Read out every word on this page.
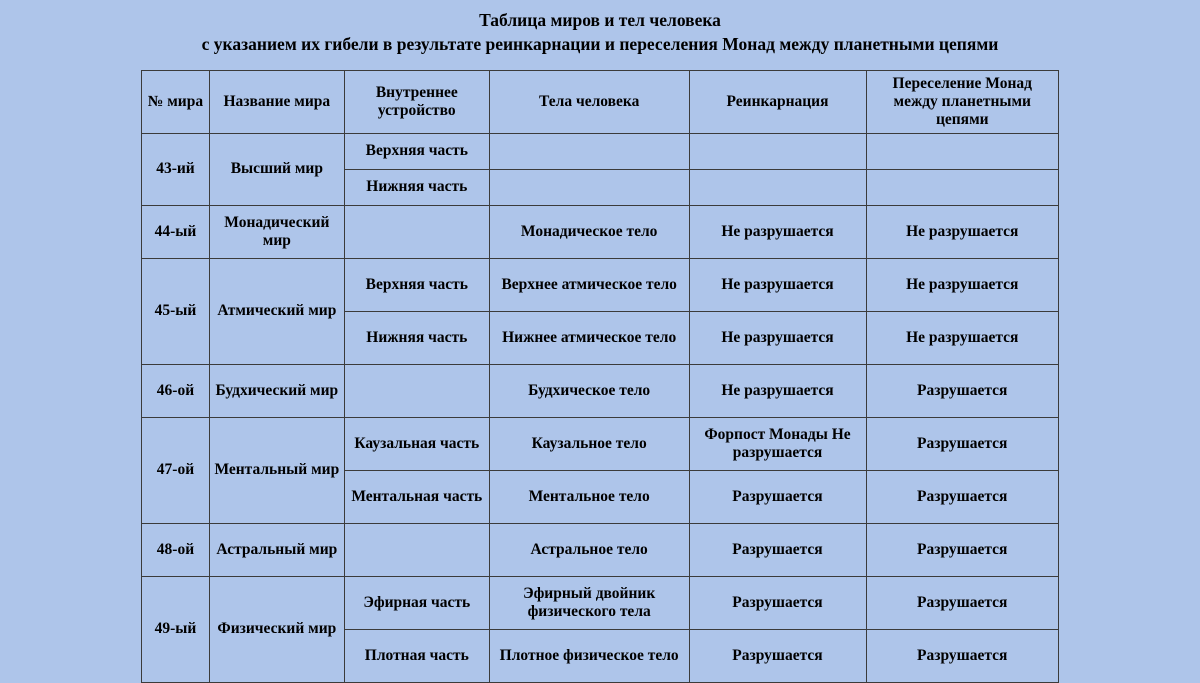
Таблица миров и тел человека
с указанием их гибели в результате реинкарнации и переселения Монад между планетными цепями
№ мира	Название мира	Внутреннее устройство	Тела человека	Реинкарнация	Переселение Монад между планетными цепями
43-ий	Высший мир	Верхняя часть			
		Нижняя часть			
44-ый	Монадический мир		Монадическое тело	Не разрушается	Не разрушается
45-ый	Атмический мир	Верхняя часть	Верхнее атмическое тело	Не разрушается	Не разрушается
		Нижняя часть	Нижнее атмическое тело	Не разрушается	Не разрушается
46-ой	Будхический мир		Будхическое тело	Не разрушается	Разрушается
47-ой	Ментальный мир	Каузальная часть	Каузальное тело	Форпост Монады Не разрушается	Разрушается
		Ментальная часть	Ментальное тело	Разрушается	Разрушается
48-ой	Астральный мир		Астральное тело	Разрушается	Разрушается
49-ый	Физический мир	Эфирная часть	Эфирный двойник физического тела	Разрушается	Разрушается
		Плотная часть	Плотное физическое тело	Разрушается	Разрушается
